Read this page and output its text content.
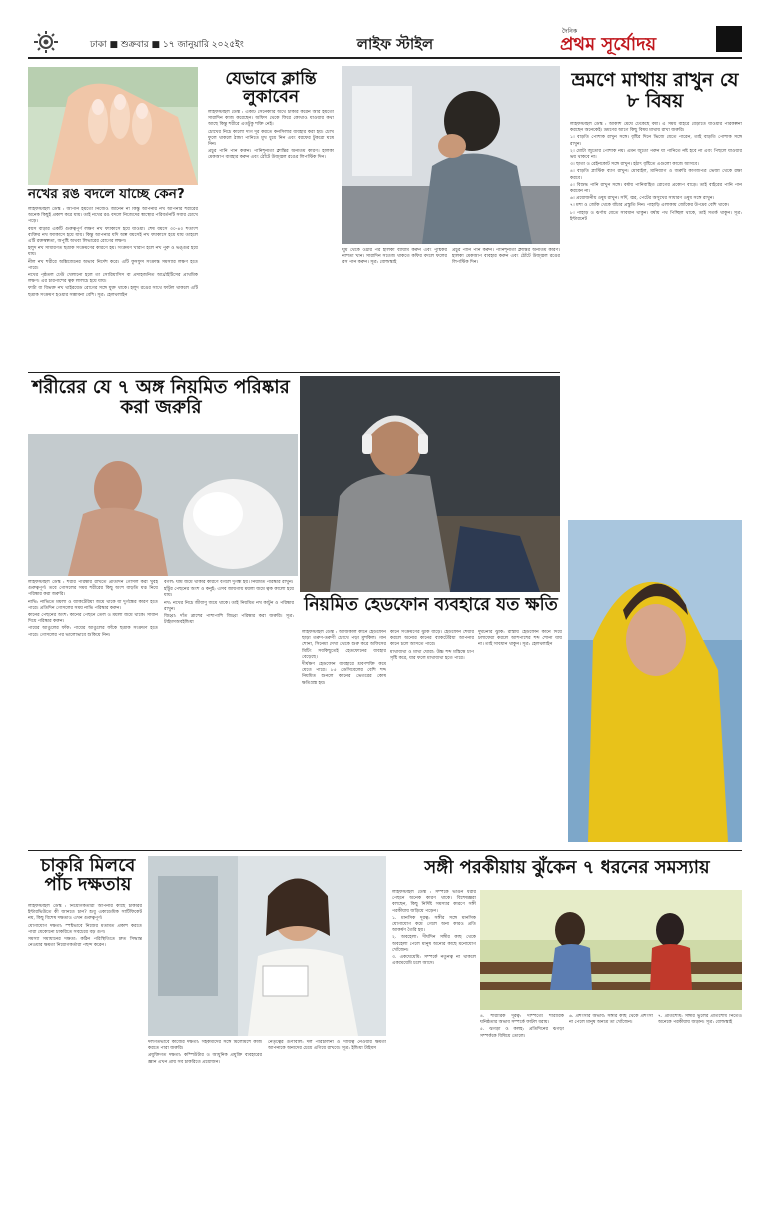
ঢাকা ■ শুক্রবার ■ ১৭ জানুয়ারি ২০২৫ইং	লাইফ স্টাইল
দৈনিক
প্রথম সূর্যোদয়
নখের রঙ বদলে যাচ্ছে কেন?

লাইফস্টাইল ডেস্ক : আপনি হয়তো নিজেও জানেন না কিন্তু আপনার নখ আপনার শরীরের অনেক কিছুই প্রকাশ করে যায়। তাই নখের রঙ বদলে নিজেদের স্বাস্থ্যের পরিবর্তনটি সবার চোখে পড়ে।

বয়স বাড়ার একটি গুরুত্বপূর্ণ লক্ষণ নখ ফ্যাকাসে হয়ে যাওয়া। শেষ বয়সে ৩০-৪০ শতাংশ ব্যক্তির নখ ফ্যাকাসে হয়ে যায়। কিন্তু আপনার যদি অল্প বয়সেই নখ ফ্যাকাসে হয়ে যায় তাহলে এটি রক্তস্বল্পতা, অপুষ্টি অথবা লিভারের রোগের লক্ষণ।

হলুদ নখ সাধারণত ছত্রাক সংক্রমণের কারণে হয়। সংক্রমণ খারাপ হলে নখ পুরু ও ভঙ্গুর হয়ে যায়।

নীল নখ শরীরে অক্সিজেনের অভাব নির্দেশ করে। এটি ফুসফুস সংক্রান্ত সমস্যার লক্ষণ হতে পারে।

নখের পৃষ্ঠতল ঢেউ খেলানো হলে তা সোরিয়াসিস বা প্রদাহজনিত আর্থ্রাইটিসের প্রাথমিক লক্ষণ। এর চারপাশের ত্বক লালচে হয়ে যায়।

ফাটা বা বিভক্ত নখ থাইরয়েড রোগের সঙ্গে যুক্ত থাকে। হলুদ রঙের সাথে ফাটল থাকলে এটি ছত্রাক সংক্রমণ হওয়ার সম্ভাবনা বেশি। সূত্র: হেলথলাইন

যেভাবে ক্লান্তি লুকাবেন

লাইফস্টাইল ডেস্ক : একটি সেনেকারি অর্থে চাকরি করেন আর হয়তো সারাদিন কাজ করেছেন। অফিস থেকে ফিরে কোথাও যাওয়ার কথা আছে কিন্তু শরীরে এতটুকু শক্তি নেই।

চোখের নিচে কালো দাগ দূর করতে কনসিলার ব্যবহার করা হয়। চোখ ফুলে থাকলে ঠান্ডা পানিতে মুখ ধুয়ে নিন এবং বরফের টুকরো ঘষে নিন।

প্রচুর পানি পান করুন। পানিশূন্যতা ক্লান্তির অন্যতম কারণ। হালকা মেকআপ ব্যবহার করুন এবং ঠোঁটে উজ্জ্বল রঙের লিপস্টিক দিন।

ঘুম থেকে ওঠার পর হালকা ব্যায়াম করুন এবং পুষ্টিকর নাশতা খান। সারাদিন সতেজ থাকতে কফির বদলে ফলের রস পান করুন। সূত্র: বোল্ডস্কাই

প্রচুর পানি পান করুন। পানিশূন্যতা ক্লান্তির অন্যতম কারণ। হালকা মেকআপ ব্যবহার করুন এবং ঠোঁটে উজ্জ্বল রঙের লিপস্টিক দিন।

ভ্রমণে মাথায় রাখুন যে ৮ বিষয়

লাইফস্টাইল ডেস্ক : আকাশ মেঘে ঢেকেছে বর্ষা। এ সময় বাইরে বেড়াতে যাওয়ার পরিকল্পনা করছেন অনেকেই। ভ্রমণের আগে কিছু বিষয় মাথায় রাখা জরুরি।

১। বাড়তি পোশাক রাখুন সঙ্গে। বৃষ্টির দিনে ভিজে যেতে পারেন, তাই বাড়তি পোশাক সঙ্গে রাখুন।

২। মোটা জুতোর পোশাক নয়। এমন জুতো পরুন যা পানিতে নষ্ট হবে না এবং পিছলে যাওয়ার ভয় থাকবে না।

৩। ছাতা ও রেইনকোট সঙ্গে রাখুন। হঠাৎ বৃষ্টিতে এগুলো কাজে আসবে।

৪। বাড়তি প্লাস্টিক ব্যাগ রাখুন। মোবাইল, মানিব্যাগ ও জরুরি কাগজপত্র ভেজা থেকে রক্ষা করবে।

৫। বিশুদ্ধ পানি রাখুন সঙ্গে। বর্ষায় পানিবাহিত রোগের প্রকোপ বাড়ে। তাই বাইরের পানি পান করবেন না।

৬। প্রয়োজনীয় ওষুধ রাখুন। সর্দি, জ্বর, পেটের অসুখের সাধারণ ওষুধ সঙ্গে রাখুন।

৭। মশা ও জোঁক থেকে বাঁচার প্রস্তুতি নিন। পাহাড়ি এলাকায় জোঁকের উপদ্রব বেশি থাকে।

৮। পাহাড় ও ঝর্ণায় যেতে সাবধান থাকুন। বর্ষায় পথ পিচ্ছিল থাকে, তাই সতর্ক থাকুন। সূত্র: ইন্টারনেট

শরীরের যে ৭ অঙ্গ নিয়মিত পরিষ্কার করা জরুরি

লাইফস্টাইল ডেস্ক : শরীর পরিষ্কার রাখতে প্রতিদিন গোসল করা খুবই গুরুত্বপূর্ণ। তবে গোসলের সময় শরীরের কিছু অংশ বাড়তি যত্ন নিয়ে পরিষ্কার করা জরুরি।

নাভি: নাভিতে ময়লা ও ব্যাকটেরিয়া জমে থাকে যা দুর্গন্ধের কারণ হতে পারে। প্রতিদিন গোসলের সময় নাভি পরিষ্কার করুন।

কানের পেছনের অংশ: কানের পেছনে তেল ও ময়লা জমে থাকে। সাবান দিয়ে পরিষ্কার করুন।

পায়ের আঙুলের ফাঁক: পায়ের আঙুলের ফাঁকে ছত্রাক সংক্রমণ হতে পারে। গোসলের পর ভালোভাবে শুকিয়ে নিন।

বগল: ঘাম জমে থাকার কারণে বগলে দুর্গন্ধ হয়। নিয়মিত পরিষ্কার রাখুন।

হাঁটুর পেছনের অংশ ও কনুই: এসব জায়গায় ময়লা জমে ত্বক কালো হয়ে যায়।

নখ: নখের নিচে জীবাণু জমে থাকে। তাই নিয়মিত নখ কাটুন ও পরিষ্কার রাখুন।

জিহ্বা: দাঁত ব্রাশের পাশাপাশি জিহ্বা পরিষ্কার করা জরুরি। সূত্র: টাইমসঅবইন্ডিয়া

নিয়মিত হেডফোন ব্যবহারে যত ক্ষতি

লাইফস্টাইল ডেস্ক : আজকাল কানে হেডফোন ছাড়া তরুণ-তরুণী চোখে পড়া মুশকিল। গান শোনা, সিনেমা দেখা থেকে শুরু করে অফিসের মিটিং সবকিছুতেই হেডফোনের ব্যবহার বেড়েছে।

দীর্ঘক্ষণ হেডফোন ব্যবহারে শ্রবণশক্তি কমে যেতে পারে। ৮৫ ডেসিবেলের বেশি শব্দ নিয়মিত শুনলে কানের ভেতরের কোষ ক্ষতিগ্রস্ত হয়।

কানে সংক্রমণের ঝুঁকি বাড়ে। হেডফোন শেয়ার করলে অন্যের কানের ব্যাকটেরিয়া আপনার কানে চলে আসতে পারে।

মাথাব্যথা ও মাথা ঘোরা: উচ্চ শব্দ মস্তিষ্কে চাপ সৃষ্টি করে, যার ফলে মাথাব্যথা হতে পারে।

দুর্ঘটনার ঝুঁকি: রাস্তায় হেডফোন কানে দিয়ে চলাফেরা করলে আশপাশের শব্দ শোনা যায় না। তাই সাবধান থাকুন। সূত্র: হেলথলাইন

চাকরি মিলবে পাঁচ দক্ষতায়

লাইফস্টাইল ডেস্ক : নিয়োগকর্তারা আপনার কাছে চাকরির ইন্টারভিউতে কী জানতে চান? শুধু একাডেমিক সার্টিফিকেট নয়, কিছু বিশেষ দক্ষতাও এখন গুরুত্বপূর্ণ।

যোগাযোগ দক্ষতা: স্পষ্টভাবে নিজের মতামত প্রকাশ করতে পারা যেকোনো চাকরিতে সবচেয়ে বড় গুণ।

সমস্যা সমাধানের দক্ষতা: কঠিন পরিস্থিতিতে দ্রুত সিদ্ধান্ত নেওয়ার ক্ষমতা নিয়োগকর্তারা পছন্দ করেন।

দলগতভাবে কাজের দক্ষতা: সহকর্মীদের সঙ্গে মিলেমিশে কাজ করতে পারা জরুরি।

প্রযুক্তিগত দক্ষতা: কম্পিউটার ও আধুনিক প্রযুক্তি ব্যবহারের জ্ঞান এখন প্রায় সব চাকরিতে প্রয়োজন।

নেতৃত্বের গুণাবলি: দল পরিচালনা ও দায়িত্ব নেওয়ার ক্ষমতা আপনাকে অন্যদের চেয়ে এগিয়ে রাখবে। সূত্র: ইন্ডিয়া টাইমস

সঙ্গী পরকীয়ায় ঝুঁকেন ৭ ধরনের সমস্যায়

লাইফস্টাইল ডেস্ক : সম্পর্কে ভাঙন ধরার পেছনে অনেক কারণ থাকে। বিশেষজ্ঞরা বলছেন, কিছু নির্দিষ্ট সমস্যার কারণে সঙ্গী পরকীয়ায় জড়িয়ে পড়েন।

১. মানসিক দূরত্ব: সঙ্গীর সঙ্গে মানসিক যোগাযোগ কমে গেলে অন্য কারও প্রতি আকর্ষণ তৈরি হয়।

২. অবহেলা: দীর্ঘদিন সঙ্গীর কাছ থেকে অবহেলা পেলে মানুষ অন্যের কাছে মনোযোগ খোঁজেন।

৩. একঘেয়েমি: সম্পর্কে নতুনত্ব না থাকলে একঘেয়েমি চলে আসে।

৪. শারীরিক দূরত্ব: দাম্পত্যে শারীরিক ঘনিষ্ঠতার অভাব সম্পর্কে ফাটল ধরায়।

৫. ঝগড়া ও কলহ: প্রতিদিনের ঝগড়া সম্পর্ককে বিষিয়ে তোলে।

৬. প্রশংসার অভাব: সঙ্গীর কাছ থেকে প্রশংসা না পেলে মানুষ অন্যত্র তা খোঁজেন।

৭. প্রতিশোধ: সঙ্গীর ভুলের প্রতিশোধ নিতেও অনেকে পরকীয়ায় জড়ান। সূত্র: বোল্ডস্কাই
